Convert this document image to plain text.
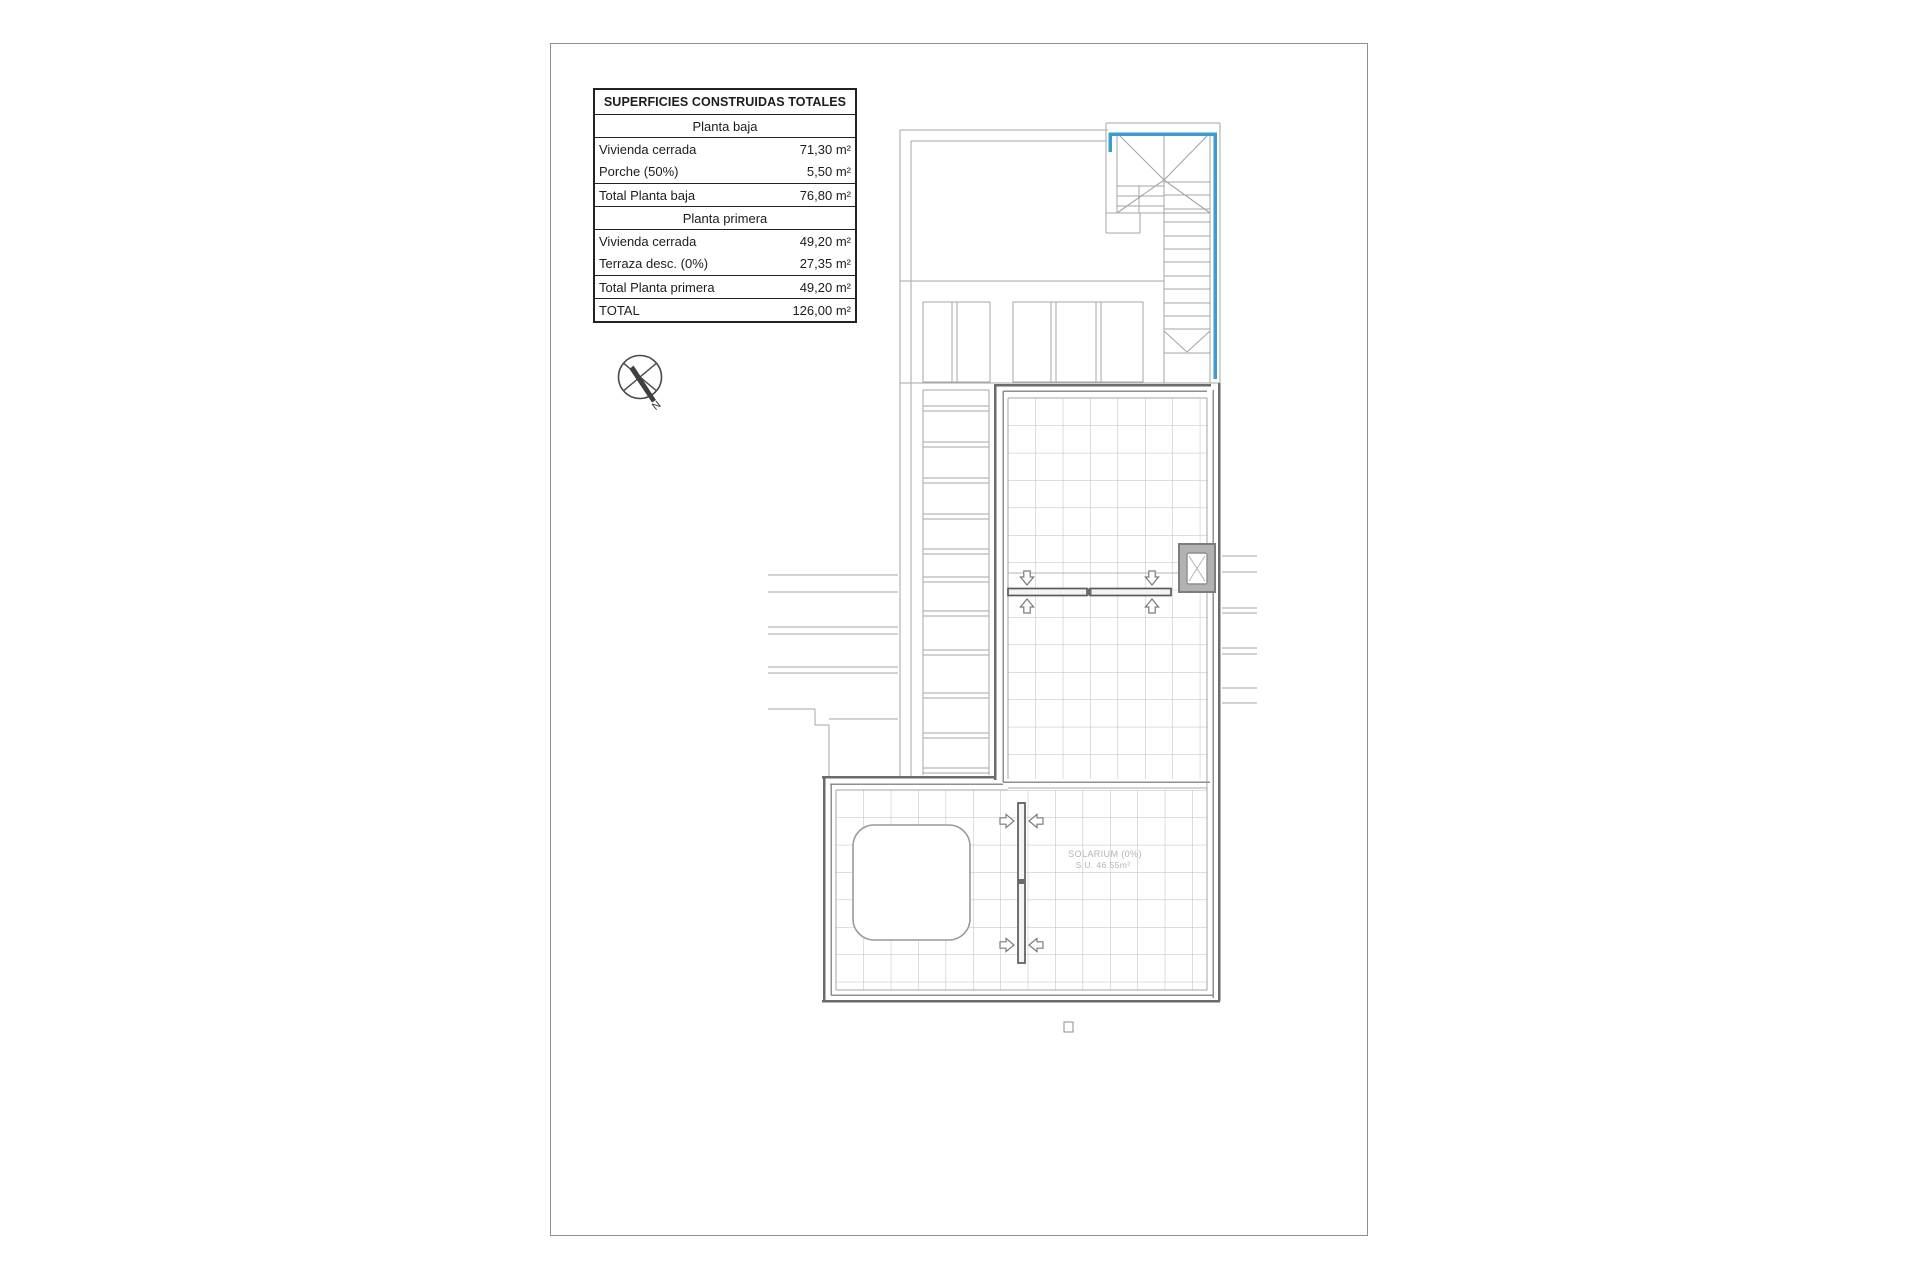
SUPERFICIES CONSTRUIDAS TOTALES
Planta baja
Vivienda cerrada	71,30 m²
Porche (50%)	5,50 m²
Total Planta baja	76,80 m²
Planta primera
Vivienda cerrada	49,20 m²
Terraza desc. (0%)	27,35 m²
Total Planta primera	49,20 m²
TOTAL	126,00 m²
N
SOLARIUM (0%)
S.U. 46.55m²
